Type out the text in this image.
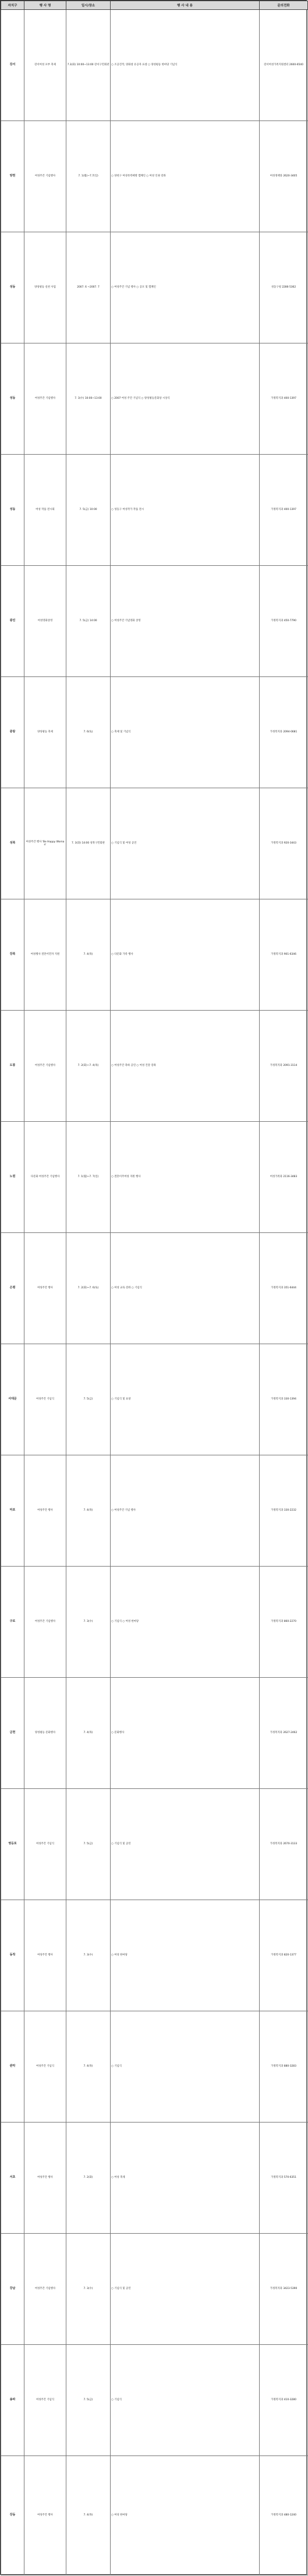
자치구	행 사 명	일시/장소	행 사 내 용	문의전화
강서	강서여성 포부 축제	7.3(화) 10:00~13:00 강서구민회관	○ 조공진작, 양화창 유공자 표창 ○ 양성평등 한마당 기념식	강서여성가족지원센터 2600-6540
양천	여성주간 기념행사	7. 1(월)~7.7(일)	○ 양천구 여성폭력예방 캠페인 ○ 여성 인권 강좌	여성정책과 2620-3405
성동	양성평등 실천 사업	2007. 6 ~2007. 7	○ 여성주간 기념 행사 ○ 공모 및 캠페인	성동구청 2286-5362
성동	여성주간 기념행사	7. 3(수) 10:00~13:00	○ 2007 여성 주간 기념식 ○ 양성평등문화상 시상식	가정복지과 400-1397
성동	여성 작품 전시회	7. 5(금) 10:00	○ 성동구 여성작가 작품 전시	가정복지과 400-1397
광진	여성영화상영	7. 5(금) 14:00	○ 여성주간 기념영화 상영	가정복지과 450-7790
중랑	양성평등 축제	7. 6(토)	○ 축제 및 기념식	가정복지과 2094-0681
성북	여성주간 행사 'Be Happy Woman'	7. 3(화) 14:00 성북구민회관	○ 기념식 및 여성 공연	가정복지과 920-3443
강북	여성행사 결혼이민자 지원	7. 4(목)	○ 다문화 가족 행사	가정복지과 901-6346
도봉	여성주간 기념행사	7. 2(화)~7. 4(목)	○ 여성주간 축하 공연 ○ 여성 건강 강좌	가정복지과 2091-3114
노원	다문화 여성주간 기념행사	7. 1(월)~7. 7(일)	○ 결혼이주여성 지원 행사	여성가족과 2116-3483
은평	여성주간 행사	7. 2(화)~7. 6(토)	○ 여성 교육 강좌 ○ 기념식	가정복지과 351-6444
서대문	여성주간 기념식	7. 5(금)	○ 기념식 및 표창	가정복지과 330-1394
마포	여성주간 행사	7. 4(목)	○ 여성주간 기념 행사	가정복지과 330-2232
구로	여성주간 기념행사	7. 3(수)	○ 기념식 ○ 여성 한마당	가정복지과 860-2270
금천	양성평등 문화행사	7. 4(목)	○ 문화행사	가정복지과 2627-2462
영등포	여성주간 기념식	7. 5(금)	○ 기념식 및 공연	가정복지과 2670-3133
동작	여성주간 행사	7. 3(수)	○ 여성 한마당	가정복지과 820-1377
관악	여성주간 기념식	7. 4(목)	○ 기념식	가정복지과 880-3283
서초	여성주간 행사	7. 2(화)	○ 여성 축제	가정복지과 570-6351
강남	여성주간 기념행사	7. 3(수)	○ 기념식 및 공연	가정복지과 3423-5390
송파	여성주간 기념식	7. 5(금)	○ 기념식	가정복지과 410-3280
강동	여성주간 행사	7. 4(목)	○ 여성 한마당	가정복지과 480-1240
